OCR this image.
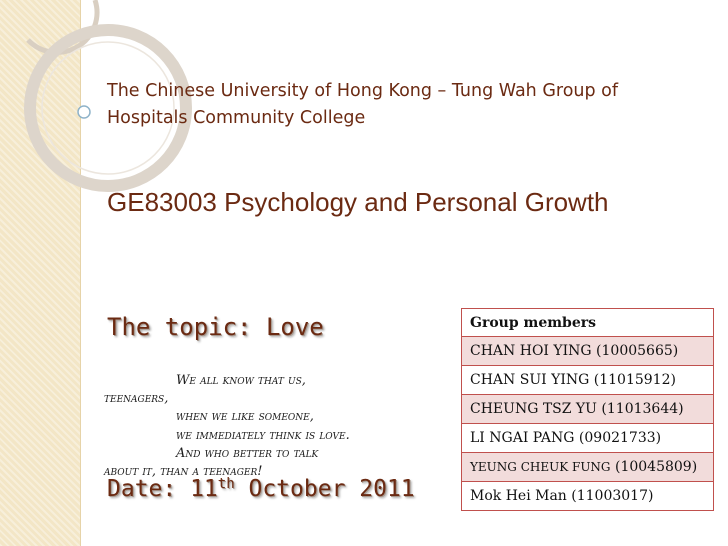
The Chinese University of Hong Kong – Tung Wah Group of Hospitals Community College
GE83003 Psychology and Personal Growth
The topic: Love
We all know that us,
teenagers,
when we like someone,
we immediately think is love.
And who better to talk
about it, than a teenager!
Date: 11th October 2011
Group members
CHAN HOI YING (10005665)
CHAN SUI YING (11015912)
CHEUNG TSZ YU (11013644)
LI NGAI PANG (09021733)
YEUNG CHEUK FUNG (10045809)
Mok Hei Man (11003017)
